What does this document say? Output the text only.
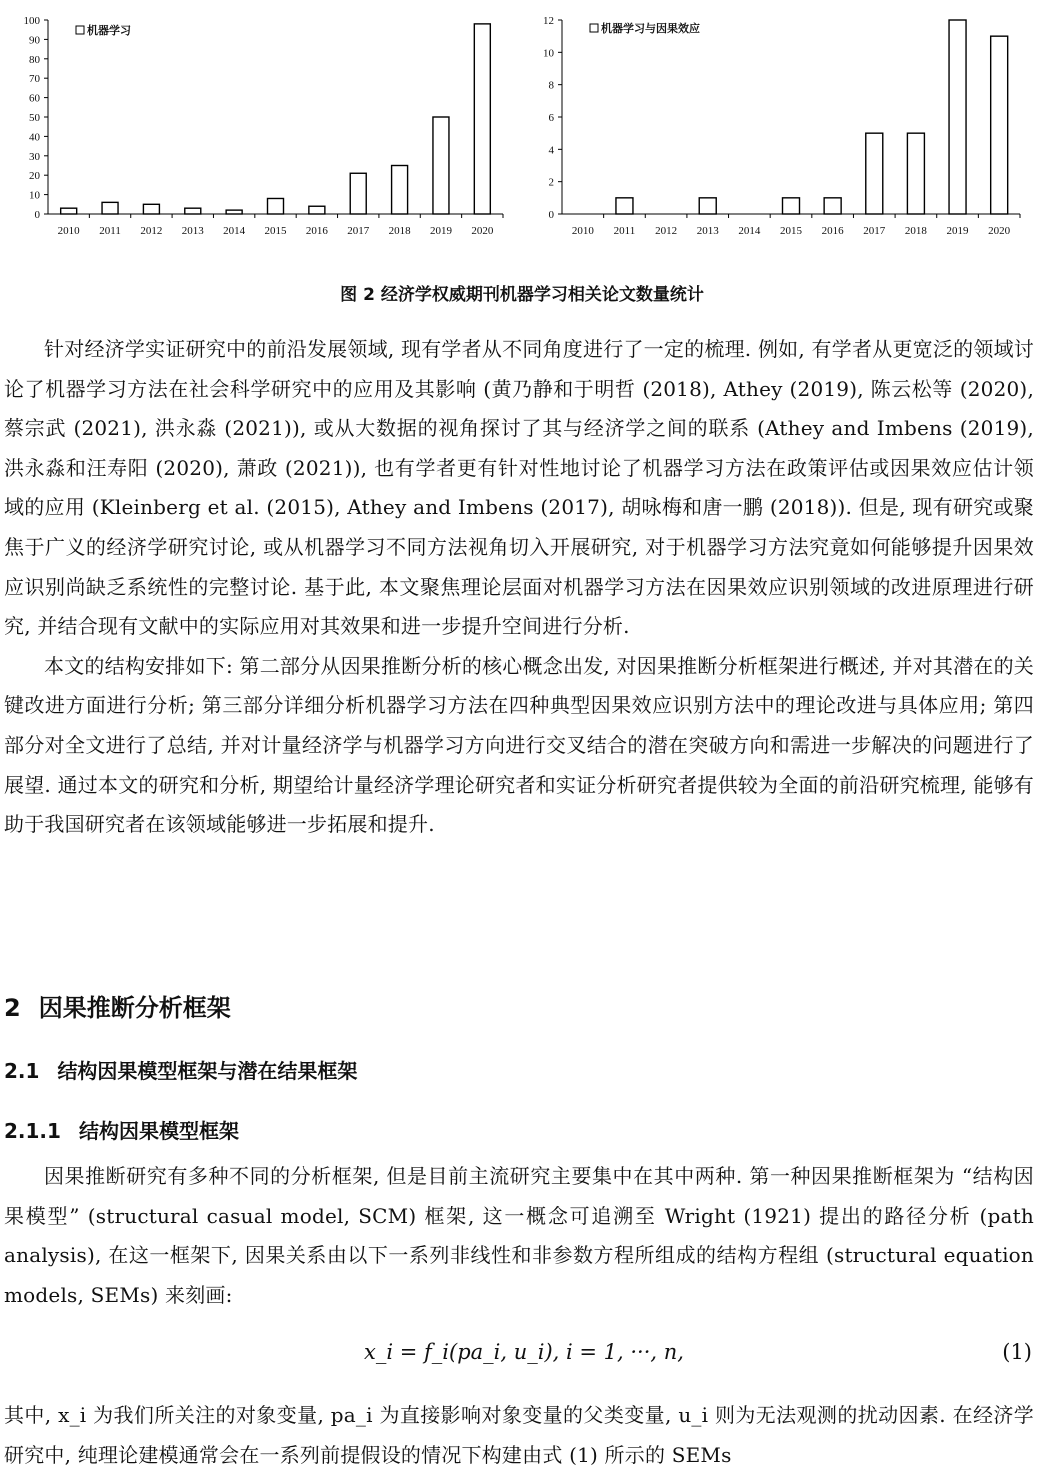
0
10
20
30
40
50
60
70
80
90
100
2010 2011 2012 2013 2014 2015 2016 2017 2018 2019 2020
机器学习
0
2
4
6
8
10
12
2010 2011 2012 2013 2014 2015 2016 2017 2018 2019 2020
机器学习与因果效应
图 2 经济学权威期刊机器学习相关论文数量统计

针对经济学实证研究中的前沿发展领域, 现有学者从不同角度进行了一定的梳理. 例如, 有学者从更宽泛的领域讨论了机器学习方法在社会科学研究中的应用及其影响 (黄乃静和于明哲 (2018), Athey (2019), 陈云松等 (2020), 蔡宗武 (2021), 洪永淼 (2021)), 或从大数据的视角探讨了其与经济学之间的联系 (Athey and Imbens (2019), 洪永淼和汪寿阳 (2020), 萧政 (2021)), 也有学者更有针对性地讨论了机器学习方法在政策评估或因果效应估计领域的应用 (Kleinberg et al. (2015), Athey and Imbens (2017), 胡咏梅和唐一鹏 (2018)). 但是, 现有研究或聚焦于广义的经济学研究讨论, 或从机器学习不同方法视角切入开展研究, 对于机器学习方法究竟如何能够提升因果效应识别尚缺乏系统性的完整讨论. 基于此, 本文聚焦理论层面对机器学习方法在因果效应识别领域的改进原理进行研究, 并结合现有文献中的实际应用对其效果和进一步提升空间进行分析.

本文的结构安排如下: 第二部分从因果推断分析的核心概念出发, 对因果推断分析框架进行概述, 并对其潜在的关键改进方面进行分析; 第三部分详细分析机器学习方法在四种典型因果效应识别方法中的理论改进与具体应用; 第四部分对全文进行了总结, 并对计量经济学与机器学习方向进行交叉结合的潜在突破方向和需进一步解决的问题进行了展望. 通过本文的研究和分析, 期望给计量经济学理论研究者和实证分析研究者提供较为全面的前沿研究梳理, 能够有助于我国研究者在该领域能够进一步拓展和提升.

2 因果推断分析框架
2.1 结构因果模型框架与潜在结果框架
2.1.1 结构因果模型框架

因果推断研究有多种不同的分析框架, 但是目前主流研究主要集中在其中两种. 第一种因果推断框架为 “结构因果模型” (structural casual model, SCM) 框架, 这一概念可追溯至 Wright (1921) 提出的路径分析 (path analysis), 在这一框架下, 因果关系由以下一系列非线性和非参数方程所组成的结构方程组 (structural equation models, SEMs) 来刻画:

x_i = f_i(pa_i, u_i), i = 1, ···, n,	(1)

其中, x_i 为我们所关注的对象变量, pa_i 为直接影响对象变量的父类变量, u_i 则为无法观测的扰动因素. 在经济学研究中, 纯理论建模通常会在一系列前提假设的情况下构建由式 (1) 所示的 SEMs
